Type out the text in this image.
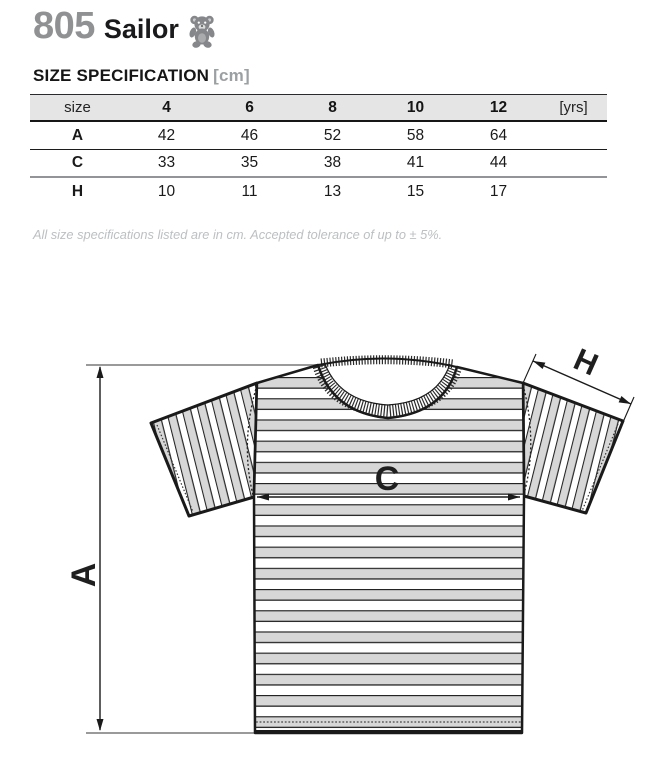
805 Sailor
SIZE SPECIFICATION [cm]
size	4	6	8	10	12	[yrs]
A	42	46	52	58	64
C	33	35	38	41	44
H	10	11	13	15	17

All size specifications listed are in cm. Accepted tolerance of up to ± 5%.

A
C
H
